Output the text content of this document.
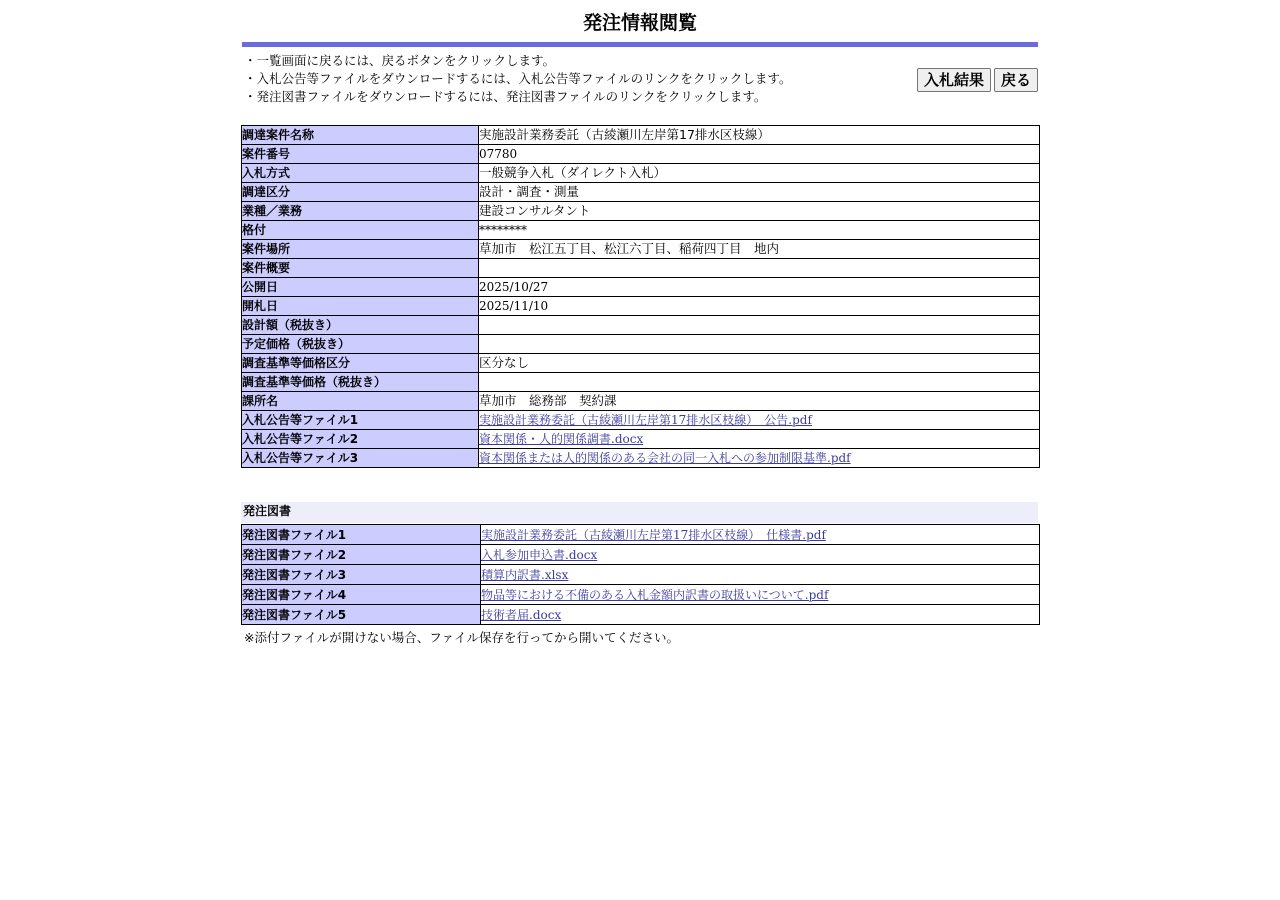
発注情報閲覧
・一覧画面に戻るには、戻るボタンをクリックします。
・入札公告等ファイルをダウンロードするには、入札公告等ファイルのリンクをクリックします。
・発注図書ファイルをダウンロードするには、発注図書ファイルのリンクをクリックします。
入札結果	戻る
調達案件名称	実施設計業務委託（古綾瀬川左岸第17排水区枝線）
案件番号	07780
入札方式	一般競争入札（ダイレクト入札）
調達区分	設計・調査・測量
業種／業務	建設コンサルタント
格付	********
案件場所	草加市　松江五丁目、松江六丁目、稲荷四丁目　地内
案件概要	
公開日	2025/10/27
開札日	2025/11/10
設計額（税抜き）	
予定価格（税抜き）	
調査基準等価格区分	区分なし
調査基準等価格（税抜き）	
課所名	草加市　総務部　契約課
入札公告等ファイル1	実施設計業務委託（古綾瀬川左岸第17排水区枝線）　公告.pdf
入札公告等ファイル2	資本関係・人的関係調書.docx
入札公告等ファイル3	資本関係または人的関係のある会社の同一入札への参加制限基準.pdf
発注図書
発注図書ファイル1	実施設計業務委託（古綾瀬川左岸第17排水区枝線）　仕様書.pdf
発注図書ファイル2	入札参加申込書.docx
発注図書ファイル3	積算内訳書.xlsx
発注図書ファイル4	物品等における不備のある入札金額内訳書の取扱いについて.pdf
発注図書ファイル5	技術者届.docx
※添付ファイルが開けない場合、ファイル保存を行ってから開いてください。
